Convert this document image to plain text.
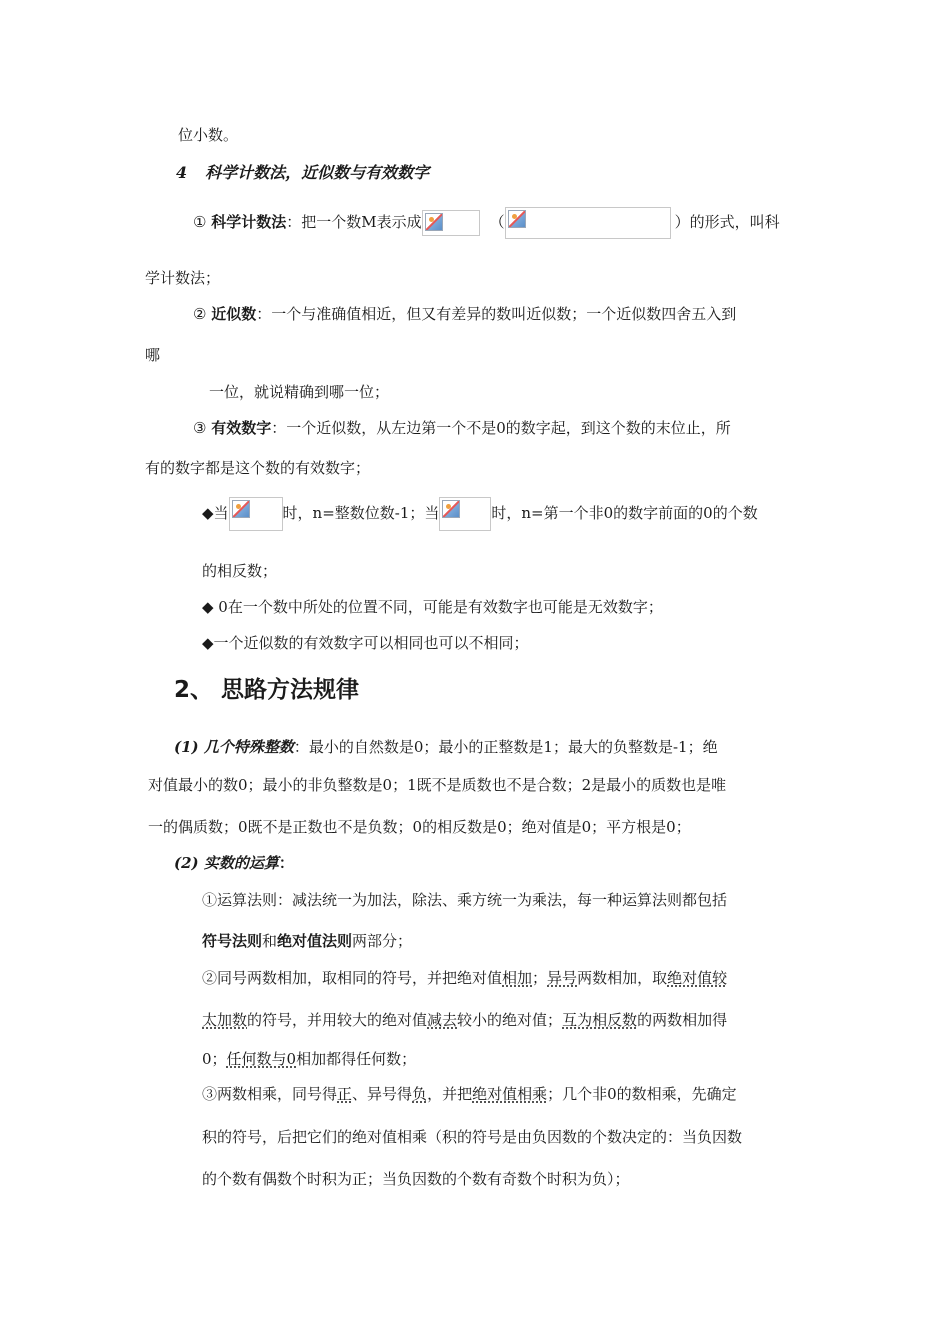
位小数。
4 科学计数法，近似数与有效数字
① 科学计数法：把一个数M表示成	（	）的形式，叫科
学计数法；
② 近似数：一个与准确值相近，但又有差异的数叫近似数；一个近似数四舍五入到
哪
一位，就说精确到哪一位；
③ 有效数字：一个近似数，从左边第一个不是0的数字起，到这个数的末位止，所
有的数字都是这个数的有效数字；
◆当	时，n=整数位数-1；当	时，n=第一个非0的数字前面的0的个数
的相反数；
◆ 0在一个数中所处的位置不同，可能是有效数字也可能是无效数字；
◆一个近似数的有效数字可以相同也可以不相同；
2、 思路方法规律
(1) 几个特殊整数：最小的自然数是0；最小的正整数是1；最大的负整数是-1；绝
对值最小的数0；最小的非负整数是0；1既不是质数也不是合数；2是最小的质数也是唯
一的偶质数；0既不是正数也不是负数；0的相反数是0；绝对值是0；平方根是0；
(2) 实数的运算：
①运算法则：减法统一为加法，除法、乘方统一为乘法，每一种运算法则都包括
符号法则和绝对值法则两部分；
②同号两数相加，取相同的符号，并把绝对值相加；异号两数相加，取绝对值较
太加数的符号，并用较大的绝对值减去较小的绝对值；互为相反数的两数相加得
0；任何数与0相加都得任何数；
③两数相乘，同号得正、异号得负，并把绝对值相乘；几个非0的数相乘，先确定
积的符号，后把它们的绝对值相乘（积的符号是由负因数的个数决定的：当负因数
的个数有偶数个时积为正；当负因数的个数有奇数个时积为负）；
